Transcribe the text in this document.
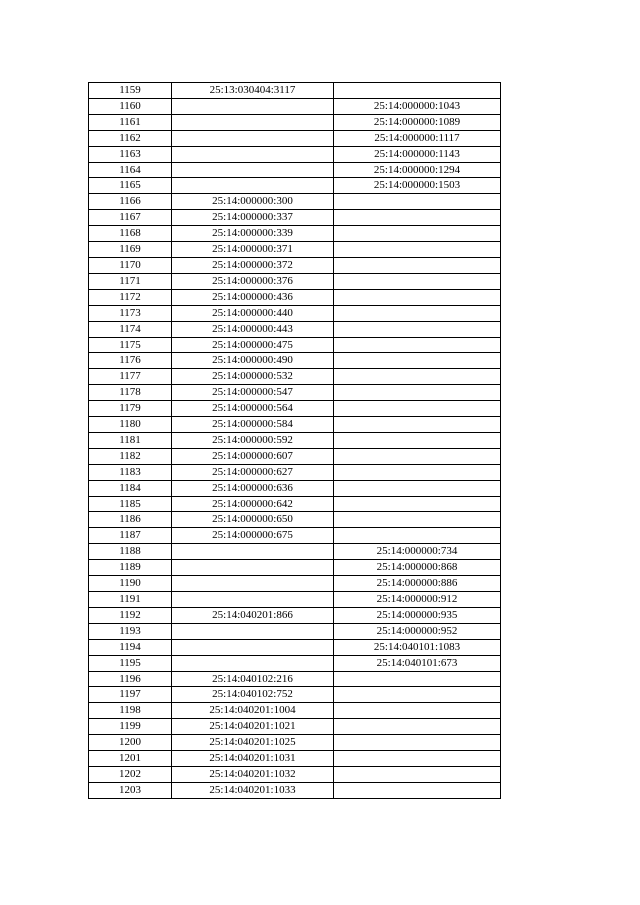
1159	25:13:030404:3117	
1160		25:14:000000:1043
1161		25:14:000000:1089
1162		25:14:000000:1117
1163		25:14:000000:1143
1164		25:14:000000:1294
1165		25:14:000000:1503
1166	25:14:000000:300	
1167	25:14:000000:337	
1168	25:14:000000:339	
1169	25:14:000000:371	
1170	25:14:000000:372	
1171	25:14:000000:376	
1172	25:14:000000:436	
1173	25:14:000000:440	
1174	25:14:000000:443	
1175	25:14:000000:475	
1176	25:14:000000:490	
1177	25:14:000000:532	
1178	25:14:000000:547	
1179	25:14:000000:564	
1180	25:14:000000:584	
1181	25:14:000000:592	
1182	25:14:000000:607	
1183	25:14:000000:627	
1184	25:14:000000:636	
1185	25:14:000000:642	
1186	25:14:000000:650	
1187	25:14:000000:675	
1188		25:14:000000:734
1189		25:14:000000:868
1190		25:14:000000:886
1191		25:14:000000:912
1192	25:14:040201:866	25:14:000000:935
1193		25:14:000000:952
1194		25:14:040101:1083
1195		25:14:040101:673
1196	25:14:040102:216	
1197	25:14:040102:752	
1198	25:14:040201:1004	
1199	25:14:040201:1021	
1200	25:14:040201:1025	
1201	25:14:040201:1031	
1202	25:14:040201:1032	
1203	25:14:040201:1033	
